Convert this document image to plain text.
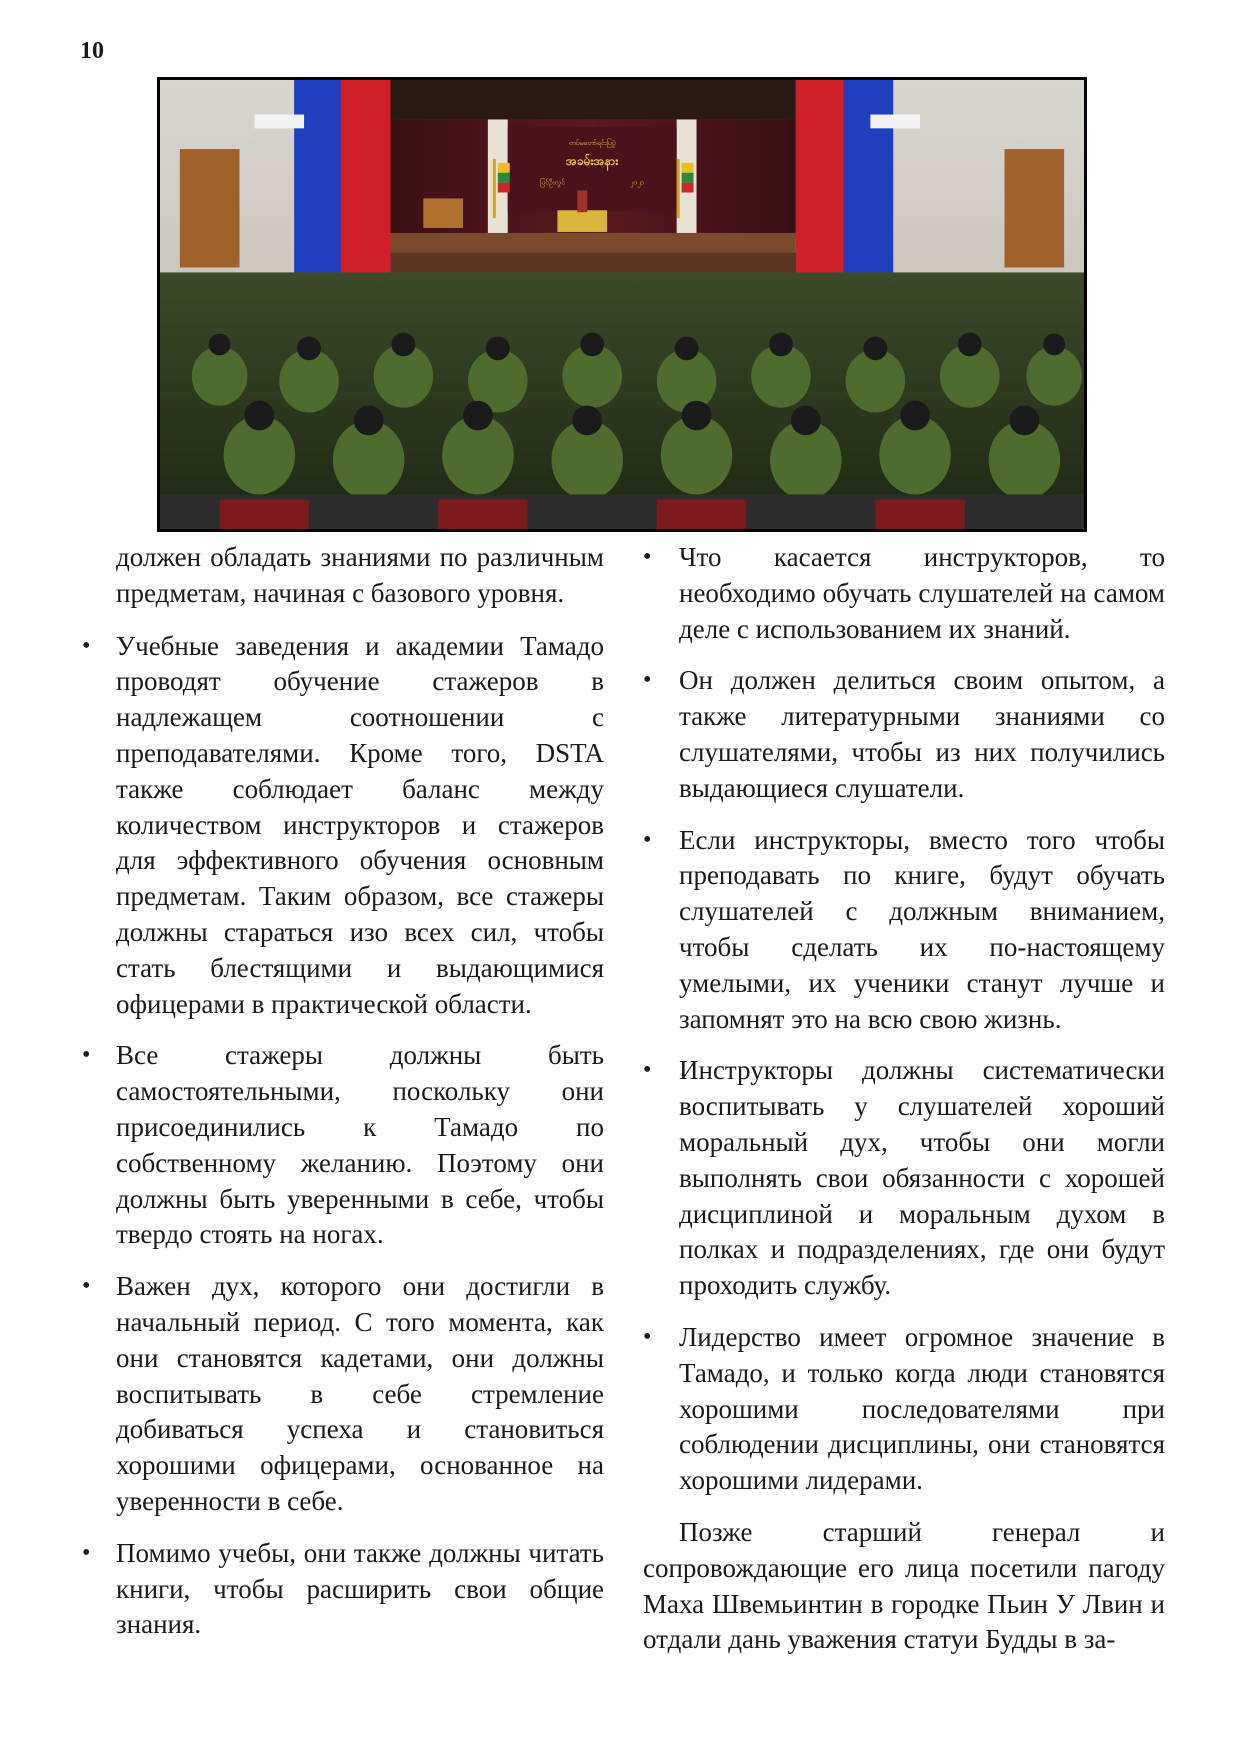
10
တပ်မတော်ရင်းပြပွဲ
အခမ်းအနား
ပြင်ဦးလွင်	၂၀၂၁

должен обладать знаниями по различным предметам, начиная с базового уровня.

• Учебные заведения и академии Тамадо проводят обучение стажеров в надлежащем соотношении с преподавателями. Кроме того, DSTA также соблюдает баланс между количеством инструкторов и стажеров для эффективного обучения основным предметам. Таким образом, все стажеры должны стараться изо всех сил, чтобы стать блестящими и выдающимися офицерами в практической области.
• Все стажеры должны быть самостоятельными, поскольку они присоединились к Тамадо по собственному желанию. Поэтому они должны быть уверенными в себе, чтобы твердо стоять на ногах.
• Важен дух, которого они достигли в начальный период. С того момента, как они становятся кадетами, они должны воспитывать в себе стремление добиваться успеха и становиться хорошими офицерами, основанное на уверенности в себе.
• Помимо учебы, они также должны читать книги, чтобы расширить свои общие знания.
• Что касается инструкторов, то необходимо обучать слушателей на самом деле с использованием их знаний.
• Он должен делиться своим опытом, а также литературными знаниями со слушателями, чтобы из них получились выдающиеся слушатели.
• Если инструкторы, вместо того чтобы преподавать по книге, будут обучать слушателей с должным вниманием, чтобы сделать их по-настоящему умелыми, их ученики станут лучше и запомнят это на всю свою жизнь.
• Инструкторы должны систематически воспитывать у слушателей хороший моральный дух, чтобы они могли выполнять свои обязанности с хорошей дисциплиной и моральным духом в полках и подразделениях, где они будут проходить службу.
• Лидерство имеет огромное значение в Тамадо, и только когда люди становятся хорошими последователями при соблюдении дисциплины, они становятся хорошими лидерами.

Позже старший генерал и сопровождающие его лица посетили пагоду Маха Швемьинтин в городке Пьин У Лвин и отдали дань уважения статуи Будды в за-
